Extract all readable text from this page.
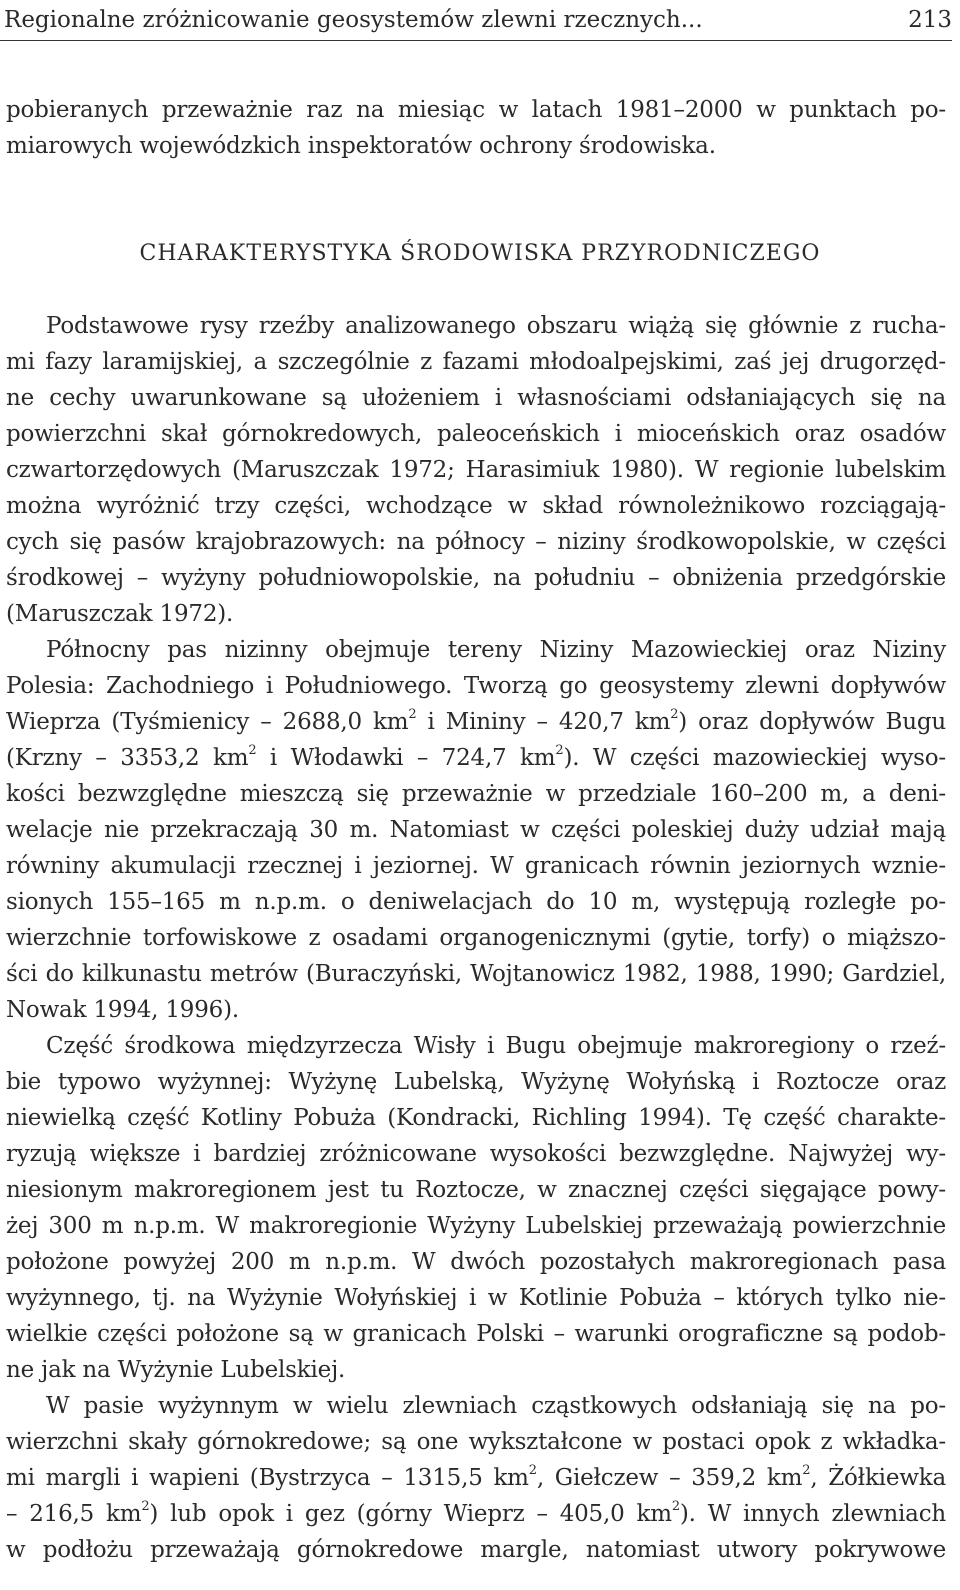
Regionalne zróżnicowanie geosystemów zlewni rzecznych...	213
pobieranych przeważnie raz na miesiąc w latach 1981–2000 w punktach po-
miarowych wojewódzkich inspektoratów ochrony środowiska.
CHARAKTERYSTYKA ŚRODOWISKA PRZYRODNICZEGO
Podstawowe rysy rzeźby analizowanego obszaru wiążą się głównie z rucha-
mi fazy laramijskiej, a szczególnie z fazami młodoalpejskimi, zaś jej drugorzęd-
ne cechy uwarunkowane są ułożeniem i własnościami odsłaniających się na
powierzchni skał górnokredowych, paleoceńskich i mioceńskich oraz osadów
czwartorzędowych (Maruszczak 1972; Harasimiuk 1980). W regionie lubelskim
można wyróżnić trzy części, wchodzące w skład równoleżnikowo rozciągają-
cych się pasów krajobrazowych: na północy – niziny środkowopolskie, w części
środkowej – wyżyny południowopolskie, na południu – obniżenia przedgórskie
(Maruszczak 1972).
Północny pas nizinny obejmuje tereny Niziny Mazowieckiej oraz Niziny
Polesia: Zachodniego i Południowego. Tworzą go geosystemy zlewni dopływów
Wieprza (Tyśmienicy – 2688,0 $km^2$ i Mininy – 420,7 $km^2$) oraz dopływów Bugu
(Krzny – 3353,2 $km^2$ i Włodawki – 724,7 $km^2$). W części mazowieckiej wyso-
kości bezwzględne mieszczą się przeważnie w przedziale 160–200 m, a deni-
welacje nie przekraczają 30 m. Natomiast w części poleskiej duży udział mają
równiny akumulacji rzecznej i jeziornej. W granicach równin jeziornych wznie-
sionych 155–165 m n.p.m. o deniwelacjach do 10 m, występują rozległe po-
wierzchnie torfowiskowe z osadami organogenicznymi (gytie, torfy) o miąższo-
ści do kilkunastu metrów (Buraczyński, Wojtanowicz 1982, 1988, 1990; Gardziel,
Nowak 1994, 1996).
Część środkowa międzyrzecza Wisły i Bugu obejmuje makroregiony o rzeź-
bie typowo wyżynnej: Wyżynę Lubelską, Wyżynę Wołyńską i Roztocze oraz
niewielką część Kotliny Pobuża (Kondracki, Richling 1994). Tę część charakte-
ryzują większe i bardziej zróżnicowane wysokości bezwzględne. Najwyżej wy-
niesionym makroregionem jest tu Roztocze, w znacznej części sięgające powy-
żej 300 m n.p.m. W makroregionie Wyżyny Lubelskiej przeważają powierzchnie
położone powyżej 200 m n.p.m. W dwóch pozostałych makroregionach pasa
wyżynnego, tj. na Wyżynie Wołyńskiej i w Kotlinie Pobuża – których tylko nie-
wielkie części położone są w granicach Polski – warunki orograficzne są podob-
ne jak na Wyżynie Lubelskiej.
W pasie wyżynnym w wielu zlewniach cząstkowych odsłaniają się na po-
wierzchni skały górnokredowe; są one wykształcone w postaci opok z wkładka-
mi margli i wapieni (Bystrzyca – 1315,5 $km^2$, Giełczew – 359,2 $km^2$, Żółkiewka
– 216,5 $km^2$) lub opok i gez (górny Wieprz – 405,0 $km^2$). W innych zlewniach
w podłożu przeważają górnokredowe margle, natomiast utwory pokrywowe
